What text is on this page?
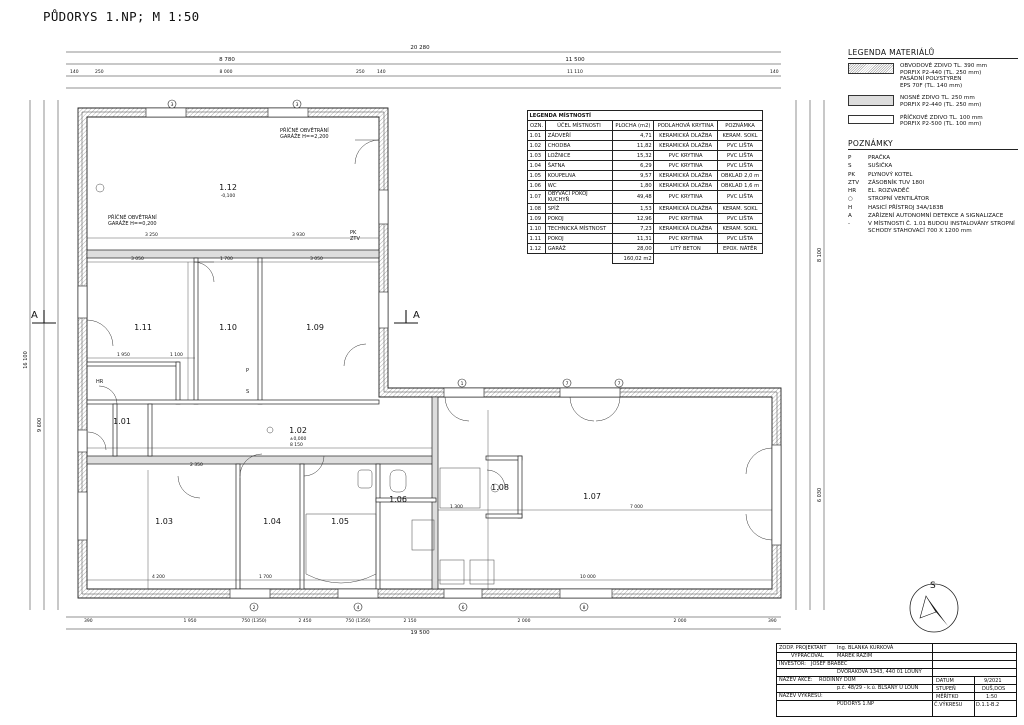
PŮDORYS 1.NP; M 1:50
20 280
8 780	11 500
140	250	8 000	250	140	11 110	140
19 500
390	1 950	750 (1350)	2 450	750 (1350)	2 150	2 000	2 000	390
16 100
9 600
8 100
6 030
3 250	3 930
3 050	3 050
1 700
1 950	1 100
2 350
8 150
1 300	7 000
4 200	1 700	10 000
1.12
-0,100
1.11	1.10	1.09
1.02
±0,000
1.01
1.03	1.04	1.05
1.06
1.08
1.07
A	A
HR
P
S
3	3
1	7	7
2	4	6	8
S
PŘÍČNÉ OBVĚTRÁNÍ
GARÁŽE H==2,200
PŘÍČNÉ OBVĚTRÁNÍ
GARÁŽE H==0,200
PK
ZTV
LEGENDA MÍSTNOSTÍ				
OZN.	ÚČEL MÍSTNOSTI	PLOCHA (m2)	PODLAHOVÁ KRYTINA	POZNÁMKA
1.01	ZÁDVEŘÍ	4,71	KERAMICKÁ DLAŽBA	KERAM. SOKL
1.02	CHODBA	11,82	KERAMICKÁ DLAŽBA	PVC LIŠTA
1.03	LOŽNICE	15,32	PVC KRYTINA	PVC LIŠTA
1.04	ŠATNA	6,29	PVC KRYTINA	PVC LIŠTA
1.05	KOUPELNA	9,57	KERAMICKÁ DLAŽBA	OBKLAD 2,0 m
1.06	WC	1,80	KERAMICKÁ DLAŽBA	OBKLAD 1,6 m
1.07	OBÝVACÍ POKOJ
KUCHYŇ	49,48	PVC KRYTINA	PVC LIŠTA
1.08	SPÍŽ	1,53	KERAMICKÁ DLAŽBA	KERAM. SOKL
1.09	POKOJ	12,96	PVC KRYTINA	PVC LIŠTA
1.10	TECHNICKÁ MÍSTNOST	7,23	KERAMICKÁ DLAŽBA	KERAM. SOKL
1.11	POKOJ	11,31	PVC KRYTINA	PVC LIŠTA
1.12	GARÁŽ	28,00	LITÝ BETON	EPOX. NÁTĚR
		160,02 m2		
LEGENDA MATERIÁLŮ
OBVODOVÉ ZDIVO TL. 390 mm
PORFIX P2-440 (TL. 250 mm)
FASÁDNÍ POLYSTYREN
EPS 70F (TL. 140 mm)
NOSNÉ ZDIVO TL. 250 mm
PORFIX P2-440 (TL. 250 mm)
PŘÍČKOVÉ ZDIVO TL. 100 mm
PORFIX P2-500 (TL. 100 mm)
POZNÁMKY
P	PRAČKA
S	SUŠIČKA
PK	PLYNOVÝ KOTEL
ZTV	ZÁSOBNÍK TUV 180l
HR	EL. ROZVADĚČ
○	STROPNÍ VENTILÁTOR
H	HASICÍ PŘÍSTROJ 34A/183B
A	ZAŘÍZENÍ AUTONOMNÍ DETEKCE A SIGNALIZACE
-	V MÍSTNOSTI Č. 1.01 BUDOU INSTALOVÁNY STROPNÍ SCHODY STAHOVACÍ 700 X 1200 mm
ZODP. PROJEKTANT Ing. BLANKA KURKOVÁ
VYPRACOVAL	MAREK RAZÍM
INVESTOR: JOSEF BRABEC
DVOŘÁKOVA 1343, 440 01 LOUNY
NÁZEV AKCE: RODINNÝ DŮM
p.č. 48/29 - k.ú. BLŠANY U LOUN
NÁZEV VÝKRESU:
PŮDORYS 1.NP
DATUM	9/2021
STUPEŇ	DUŠ,DOS
MĚŘÍTKO	1:50
Č.VÝKRESU	D.1.1-B.2
